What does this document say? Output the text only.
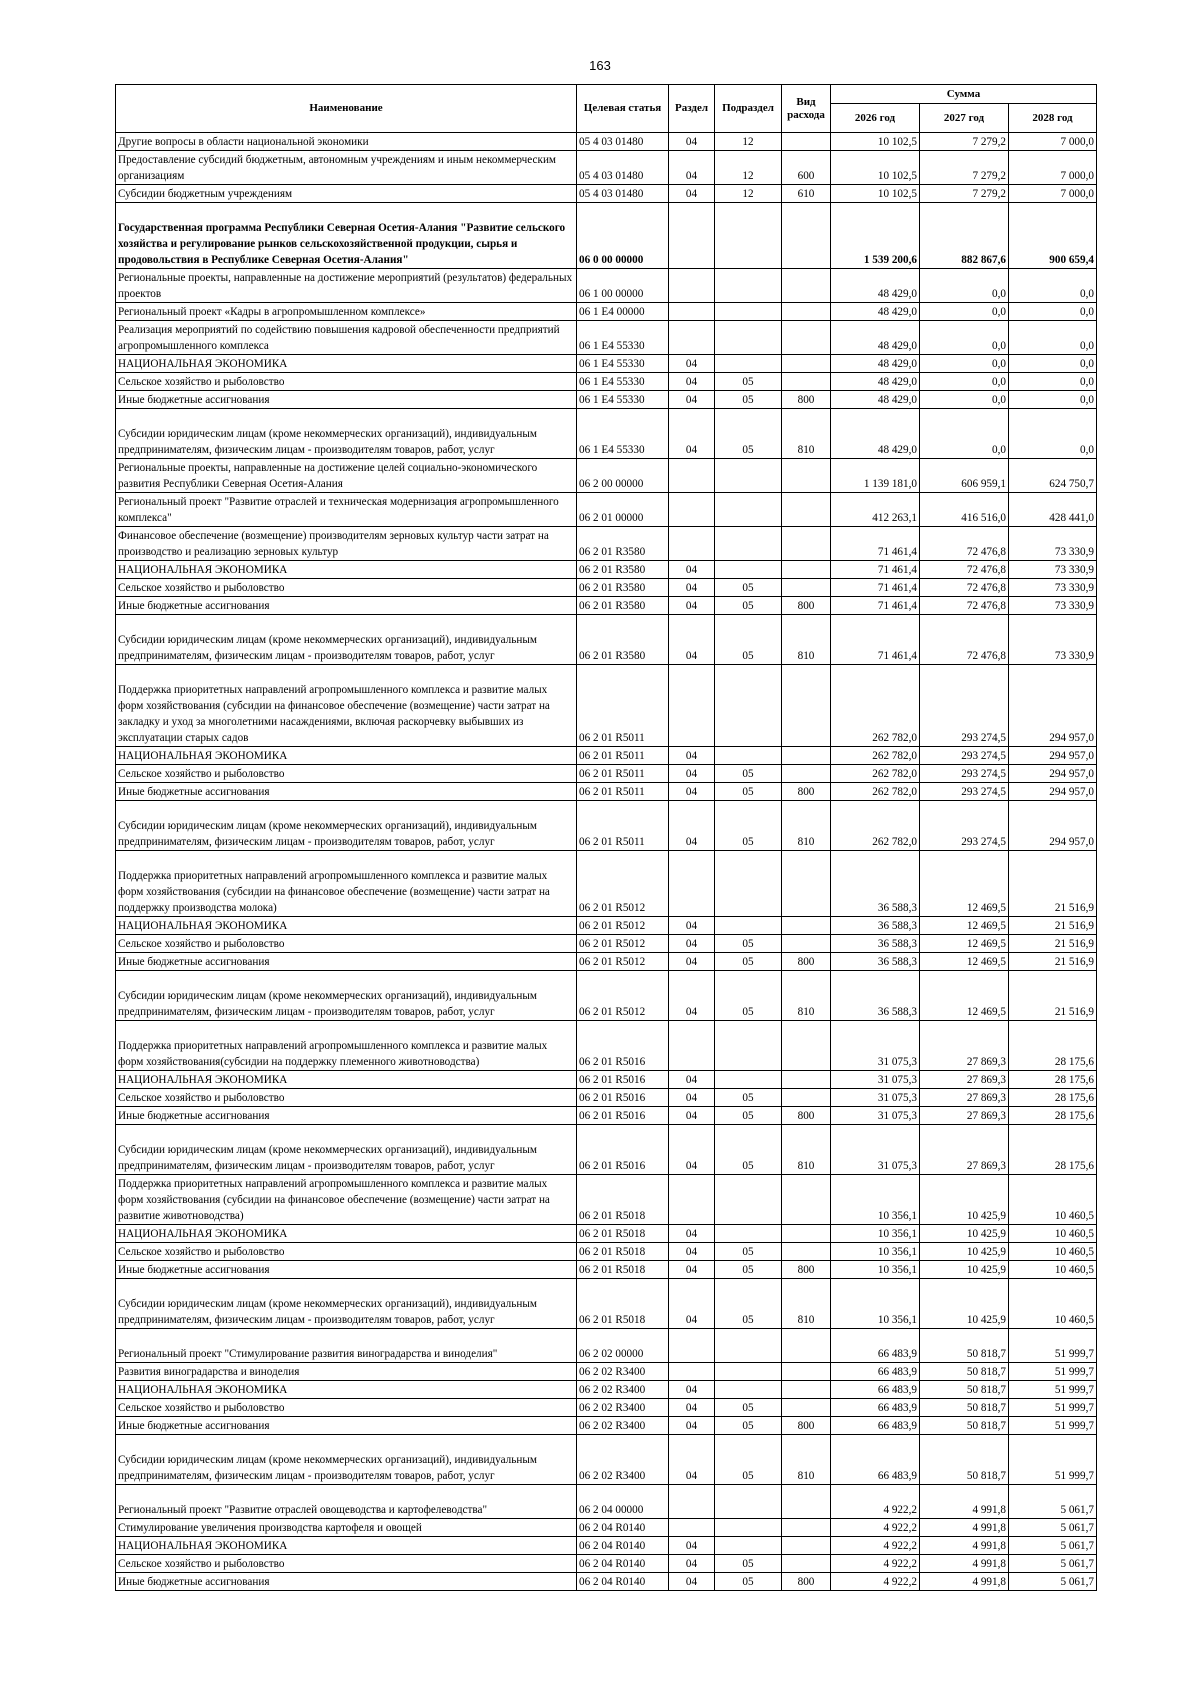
163
Наименование	Целевая статья	Раздел	Подраздел	Вид расхода	Сумма		
					2026 год	2027 год	2028 год
Другие вопросы в области национальной экономики	05 4 03 01480	04	12		10 102,5	7 279,2	7 000,0
Предоставление субсидий бюджетным, автономным учреждениям и иным некоммерческим организациям	05 4 03 01480	04	12	600	10 102,5	7 279,2	7 000,0
Субсидии бюджетным учреждениям	05 4 03 01480	04	12	610	10 102,5	7 279,2	7 000,0
Государственная программа Республики Северная Осетия-Алания "Развитие сельского хозяйства и регулирование рынков сельскохозяйственной продукции, сырья и продовольствия в Республике Северная Осетия-Алания"	06 0 00 00000				1 539 200,6	882 867,6	900 659,4
Региональные проекты, направленные на достижение мероприятий (результатов) федеральных проектов	06 1 00 00000				48 429,0	0,0	0,0
Региональный проект «Кадры в агропромышленном комплексе»	06 1 Е4 00000				48 429,0	0,0	0,0
Реализация мероприятий по содействию повышения кадровой обеспеченности предприятий агропромышленного комплекса	06 1 Е4 55330				48 429,0	0,0	0,0
НАЦИОНАЛЬНАЯ ЭКОНОМИКА	06 1 Е4 55330	04			48 429,0	0,0	0,0
Сельское хозяйство и рыболовство	06 1 Е4 55330	04	05		48 429,0	0,0	0,0
Иные бюджетные ассигнования	06 1 Е4 55330	04	05	800	48 429,0	0,0	0,0
Субсидии юридическим лицам (кроме некоммерческих организаций), индивидуальным предпринимателям, физическим лицам - производителям товаров, работ, услуг	06 1 Е4 55330	04	05	810	48 429,0	0,0	0,0
Региональные проекты, направленные на достижение целей социально-экономического развития Республики Северная Осетия-Алания	06 2 00 00000				1 139 181,0	606 959,1	624 750,7
Региональный проект "Развитие отраслей и техническая модернизация агропромышленного комплекса"	06 2 01 00000				412 263,1	416 516,0	428 441,0
Финансовое обеспечение (возмещение) производителям зерновых культур части затрат на производство и реализацию зерновых культур	06 2 01 R3580				71 461,4	72 476,8	73 330,9
НАЦИОНАЛЬНАЯ ЭКОНОМИКА	06 2 01 R3580	04			71 461,4	72 476,8	73 330,9
Сельское хозяйство и рыболовство	06 2 01 R3580	04	05		71 461,4	72 476,8	73 330,9
Иные бюджетные ассигнования	06 2 01 R3580	04	05	800	71 461,4	72 476,8	73 330,9
Субсидии юридическим лицам (кроме некоммерческих организаций), индивидуальным предпринимателям, физическим лицам - производителям товаров, работ, услуг	06 2 01 R3580	04	05	810	71 461,4	72 476,8	73 330,9
Поддержка приоритетных направлений агропромышленного комплекса и развитие малых форм хозяйствования (субсидии на финансовое обеспечение (возмещение) части затрат на закладку и уход за многолетними насаждениями, включая раскорчевку выбывших из эксплуатации старых садов	06 2 01 R5011				262 782,0	293 274,5	294 957,0
НАЦИОНАЛЬНАЯ ЭКОНОМИКА	06 2 01 R5011	04			262 782,0	293 274,5	294 957,0
Сельское хозяйство и рыболовство	06 2 01 R5011	04	05		262 782,0	293 274,5	294 957,0
Иные бюджетные ассигнования	06 2 01 R5011	04	05	800	262 782,0	293 274,5	294 957,0
Субсидии юридическим лицам (кроме некоммерческих организаций), индивидуальным предпринимателям, физическим лицам - производителям товаров, работ, услуг	06 2 01 R5011	04	05	810	262 782,0	293 274,5	294 957,0
Поддержка приоритетных направлений агропромышленного комплекса и развитие малых форм хозяйствования (субсидии на финансовое обеспечение (возмещение) части затрат на поддержку производства молока)	06 2 01 R5012				36 588,3	12 469,5	21 516,9
НАЦИОНАЛЬНАЯ ЭКОНОМИКА	06 2 01 R5012	04			36 588,3	12 469,5	21 516,9
Сельское хозяйство и рыболовство	06 2 01 R5012	04	05		36 588,3	12 469,5	21 516,9
Иные бюджетные ассигнования	06 2 01 R5012	04	05	800	36 588,3	12 469,5	21 516,9
Субсидии юридическим лицам (кроме некоммерческих организаций), индивидуальным предпринимателям, физическим лицам - производителям товаров, работ, услуг	06 2 01 R5012	04	05	810	36 588,3	12 469,5	21 516,9
Поддержка приоритетных направлений агропромышленного комплекса и развитие малых форм хозяйствования(субсидии на поддержку племенного животноводства)	06 2 01 R5016				31 075,3	27 869,3	28 175,6
НАЦИОНАЛЬНАЯ ЭКОНОМИКА	06 2 01 R5016	04			31 075,3	27 869,3	28 175,6
Сельское хозяйство и рыболовство	06 2 01 R5016	04	05		31 075,3	27 869,3	28 175,6
Иные бюджетные ассигнования	06 2 01 R5016	04	05	800	31 075,3	27 869,3	28 175,6
Субсидии юридическим лицам (кроме некоммерческих организаций), индивидуальным предпринимателям, физическим лицам - производителям товаров, работ, услуг	06 2 01 R5016	04	05	810	31 075,3	27 869,3	28 175,6
Поддержка приоритетных направлений агропромышленного комплекса и развитие малых форм хозяйствования (субсидии на финансовое обеспечение (возмещение) части затрат на развитие животноводства)	06 2 01 R5018				10 356,1	10 425,9	10 460,5
НАЦИОНАЛЬНАЯ ЭКОНОМИКА	06 2 01 R5018	04			10 356,1	10 425,9	10 460,5
Сельское хозяйство и рыболовство	06 2 01 R5018	04	05		10 356,1	10 425,9	10 460,5
Иные бюджетные ассигнования	06 2 01 R5018	04	05	800	10 356,1	10 425,9	10 460,5
Субсидии юридическим лицам (кроме некоммерческих организаций), индивидуальным предпринимателям, физическим лицам - производителям товаров, работ, услуг	06 2 01 R5018	04	05	810	10 356,1	10 425,9	10 460,5
Региональный проект "Стимулирование развития виноградарства и виноделия"	06 2 02 00000				66 483,9	50 818,7	51 999,7
Развития виноградарства и виноделия	06 2 02 R3400				66 483,9	50 818,7	51 999,7
НАЦИОНАЛЬНАЯ ЭКОНОМИКА	06 2 02 R3400	04			66 483,9	50 818,7	51 999,7
Сельское хозяйство и рыболовство	06 2 02 R3400	04	05		66 483,9	50 818,7	51 999,7
Иные бюджетные ассигнования	06 2 02 R3400	04	05	800	66 483,9	50 818,7	51 999,7
Субсидии юридическим лицам (кроме некоммерческих организаций), индивидуальным предпринимателям, физическим лицам - производителям товаров, работ, услуг	06 2 02 R3400	04	05	810	66 483,9	50 818,7	51 999,7
Региональный проект "Развитие отраслей овощеводства и картофелеводства"	06 2 04 00000				4 922,2	4 991,8	5 061,7
Стимулирование увеличения производства картофеля и овощей	06 2 04 R0140				4 922,2	4 991,8	5 061,7
НАЦИОНАЛЬНАЯ ЭКОНОМИКА	06 2 04 R0140	04			4 922,2	4 991,8	5 061,7
Сельское хозяйство и рыболовство	06 2 04 R0140	04	05		4 922,2	4 991,8	5 061,7
Иные бюджетные ассигнования	06 2 04 R0140	04	05	800	4 922,2	4 991,8	5 061,7
